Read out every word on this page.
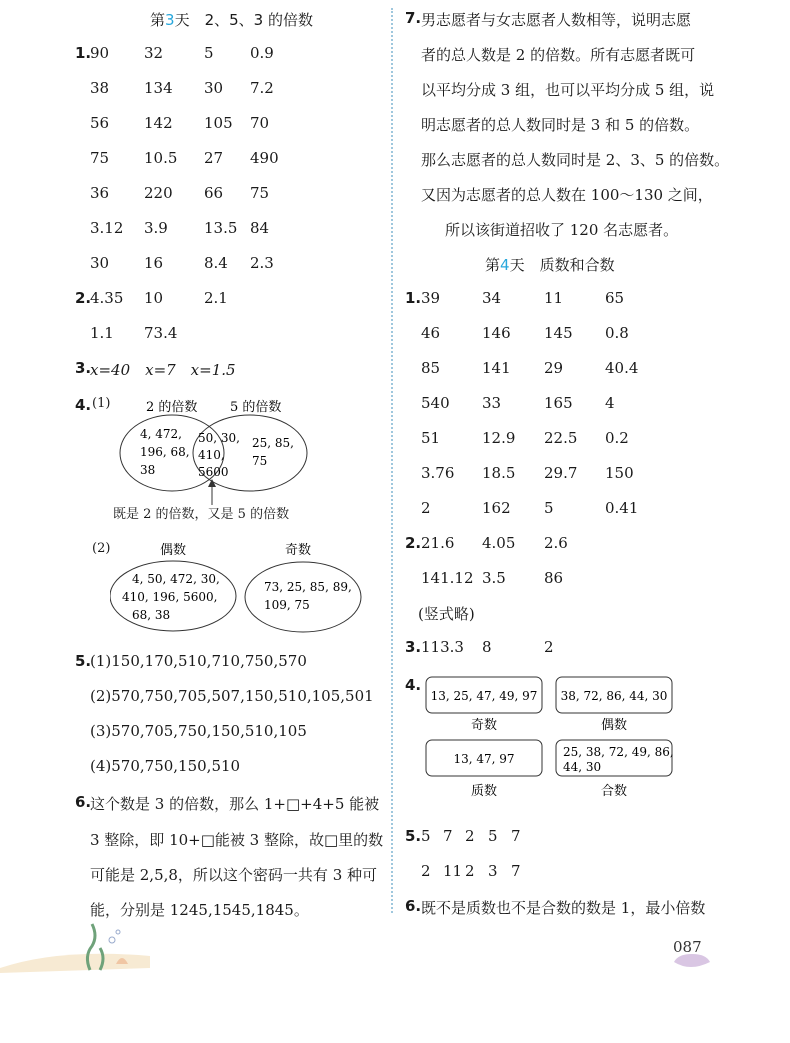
第3天　2、5、3 的倍数
1.
90 32	5 0.9
38 134 30 7.2
56 142 105 70
75 10.5 27 490
36 220 66 75
3.12 3.9 13.5 84
30 16	8.4 2.3
2.
4.35 10	2.1
1.1 73.4
3.
x=40　x=7　x=1.5
4. (1)	2 的倍数	5 的倍数
4, 472,
196, 68,
38
50, 30,
410,
5600
25, 85,
75
既是 2 的倍数，又是 5 的倍数
(2)	偶数	奇数
4, 50, 472, 30,
410, 196, 5600,
68, 38
73, 25, 85, 89,
109, 75
5.
(1)150,170,510,710,750,570
(2)570,750,705,507,150,510,105,501
(3)570,705,750,150,510,105
(4)570,750,150,510
6.
这个数是 3 的倍数，那么 1+□+4+5 能被
3 整除，即 10+□能被 3 整除，故□里的数
可能是 2,5,8，所以这个密码一共有 3 种可
能，分别是 1245,1545,1845。
7. 男志愿者与女志愿者人数相等，说明志愿
者的总人数是 2 的倍数。所有志愿者既可
以平均分成 3 组，也可以平均分成 5 组，说
明志愿者的总人数同时是 3 和 5 的倍数。
那么志愿者的总人数同时是 2、3、5 的倍数。
又因为志愿者的总人数在 100～130 之间，
所以该街道招收了 120 名志愿者。
第4天　质数和合数
1. 39	34	11	65
46	146 145 0.8
85	141 29	40.4
540 33	165 4
51	12.9 22.5 0.2
3.76 18.5 29.7 150
2	162 5	0.41
2. 21.6 4.05 2.6
141.12 3.5	86
(竖式略)
3. 113.3 8	2
4.
13, 25, 47, 49, 97
奇数
38, 72, 86, 44, 30
偶数
13, 47, 97
质数
25, 38, 72, 49, 86,
44, 30
合数
5. 5 7 2 5 7
2 11 2 3 7
6. 既不是质数也不是合数的数是 1，最小倍数
087
